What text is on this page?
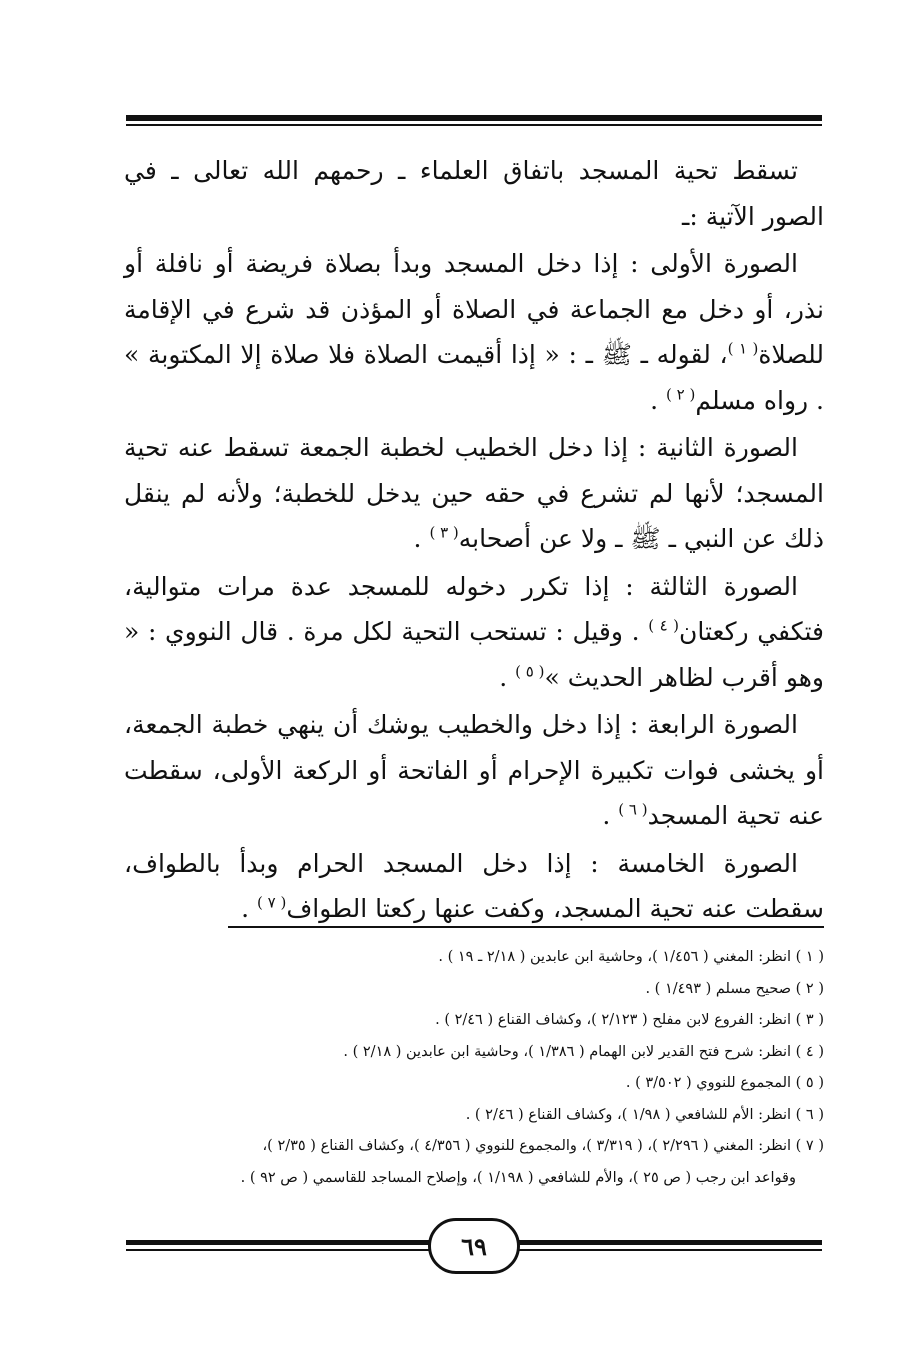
تسقط تحية المسجد باتفاق العلماء ـ رحمهم الله تعالى ـ في الصور الآتية :ـ

الصورة الأولى : إذا دخل المسجد وبدأ بصلاة فريضة أو نافلة أو نذر، أو دخل مع الجماعة في الصلاة أو المؤذن قد شرع في الإقامة للصلاة$^{( ١ )}$، لقوله ـ ﷺ ـ : « إذا أقيمت الصلاة فلا صلاة إلا المكتوبة » . رواه مسلم$^{( ٢ )}$ .

الصورة الثانية : إذا دخل الخطيب لخطبة الجمعة تسقط عنه تحية المسجد؛ لأنها لم تشرع في حقه حين يدخل للخطبة؛ ولأنه لم ينقل ذلك عن النبي ـ ﷺ ـ ولا عن أصحابه$^{( ٣ )}$ .

الصورة الثالثة : إذا تكرر دخوله للمسجد عدة مرات متوالية، فتكفي ركعتان$^{( ٤ )}$ . وقيل : تستحب التحية لكل مرة . قال النووي : « وهو أقرب لظاهر الحديث »$^{( ٥ )}$ .

الصورة الرابعة : إذا دخل والخطيب يوشك أن ينهي خطبة الجمعة، أو يخشى فوات تكبيرة الإحرام أو الفاتحة أو الركعة الأولى، سقطت عنه تحية المسجد$^{( ٦ )}$ .

الصورة الخامسة : إذا دخل المسجد الحرام وبدأ بالطواف، سقطت عنه تحية المسجد، وكفت عنها ركعتا الطواف$^{( ٧ )}$ .

( ١ ) انظر: المغني ( ١/٤٥٦ )، وحاشية ابن عابدين ( ٢/١٨ ـ ١٩ ) .
( ٢ ) صحيح مسلم ( ١/٤٩٣ ) .
( ٣ ) انظر: الفروع لابن مفلح ( ٢/١٢٣ )، وكشاف القناع ( ٢/٤٦ ) .
( ٤ ) انظر: شرح فتح القدير لابن الهمام ( ١/٣٨٦ )، وحاشية ابن عابدين ( ٢/١٨ ) .
( ٥ ) المجموع للنووي ( ٣/٥٠٢ ) .
( ٦ ) انظر: الأم للشافعي ( ١/٩٨ )، وكشاف القناع ( ٢/٤٦ ) .
( ٧ ) انظر: المغني ( ٢/٢٩٦ )، ( ٣/٣١٩ )، والمجموع للنووي ( ٤/٣٥٦ )، وكشاف القناع ( ٢/٣٥ )،
وقواعد ابن رجب ( ص ٢٥ )، والأم للشافعي ( ١/١٩٨ )، وإصلاح المساجد للقاسمي ( ص ٩٢ ) .
٦٩
